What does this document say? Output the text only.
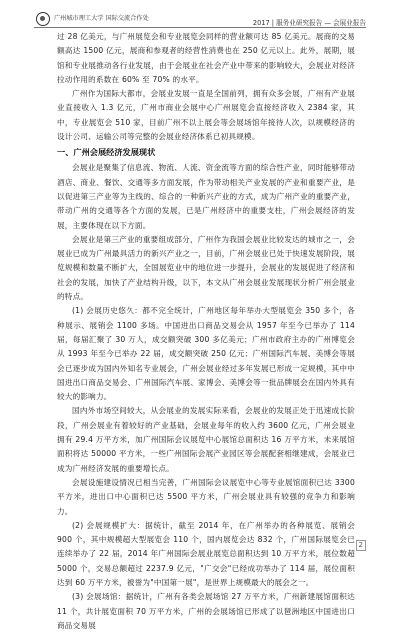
广州城市理工大学 国际交流合作处
2017 | 服务业研究报告 — 会展业报告

过 28 亿美元，与广州展览会和专业展览会同样的营业额可达 85 亿美元。展商的交易额高达 1500 亿元，展商和参观者的经营性消费也在 250 亿元以上。此外，展期，展馆和专业展推动各行业发展，由于会展业在社会产业中带来的影响较大，会展业对经济拉动作用的系数在 60% 至 70% 的水平。

广州作为国际大都市，会展业发展一直是全国前列，拥有众多会展，广州有产业展业直接收入 1.3 亿元，广州市商业会展中心广州展览会直接经济收入 2384 家，其中，专业展览会 510 家，目前广州不以上展会等会展场馆年接待人次，以规模经济的设计公司、运输公司等完整的会展业经济体系已初具规模。

一、广州会展经济发展现状

会展业是聚集了信息流、物流、人流、资金流等方面的综合性产业，同时能够带动酒店、商业、餐饮、交通等多方面发展，作为带动相关产业发展的产业和重要产业，是以促进第三产业等为主线的、综合的一种新兴产业的方式，成为广州产业的重要产业，带动广州的交通等各个方面的发展，已是广州经济中的重要支柱，广州会展经济的发展，主要体现在以下方面。

会展业是第三产业的重要组成部分，广州作为我国会展业比较发达的城市之一，会展业已成为广州最具活力的新兴产业之一，目前，广州会展业已处于快速发展阶段，展览规模和数量不断扩大，全国展览业中的地位进一步提升，会展业的发展促进了经济和社会的发展，加快了产业结构升级，以下，本文从广州会展业发展现状分析广州会展业的特点。

(1) 会展历史悠久：都不完全统计，广州地区每年举办大型展览会 350 多个，各种展示、展销会 1100 多场。中国进出口商品交易会从 1957 年至今已举办了 114 届，每届汇聚了 30 万人，成交额突破 300 多亿美元；广州市政府主办的广州博览会从 1993 年至今已举办 22 届，成交额突破 250 亿元；广州国际汽车展、美博会等展会已逐步成为国内外知名专业展会，广州会展业经过多年发展已形成一定规模，其中中国进出口商品交易会、广州国际汽车展、家博会、美博会等一批品牌展会在国内外具有较大的影响力。

国内外市场空间较大，从会展业的发展实际来看，会展业的发展正处于迅速成长阶段，广州会展业有着较好的产业基础，会展业每年的收入约 3600 亿元，广州会展业拥有 29.4 万平方米，加广州国际会议展览中心展馆总面积达 16 万平方米，未来展馆面积将达 50000 平方米，一些广州国际会展产业园区等会展配套相继建成，会展业已成为广州经济发展的重要增长点。

会展设施建设情况已相当完善，广州国际会议展览中心等专业展馆面积已达 3300 平方米，进出口中心面积已达 5500 平方米，广州会展业具有较强的竞争力和影响力。

(2) 会展规模扩大：据统计，截至 2014 年，在广州举办的各种展览、展销会 900 个，其中规模超大型展览会 110 个，国内展览会达 832 个，广州国际展览会已连续举办了 22 届，2014 年广州国际会展业展览总面积达到 10 万平方米，展位数超 5000 个，交易总额超过 2237.9 亿元，"广交会"已经成功举办了 114 届，展位面积达到 60 万平方米，被誉为"中国第一展"，是世界上规模最大的展会之一。

(3) 会展场馆：据统计，广州有各类会展场馆 27 万平方米，广州新建展馆面积达 11 个，共计展览面积 70 万平方米，广州的会展场馆已形成了以琶洲地区中国进出口商品交易展

2
